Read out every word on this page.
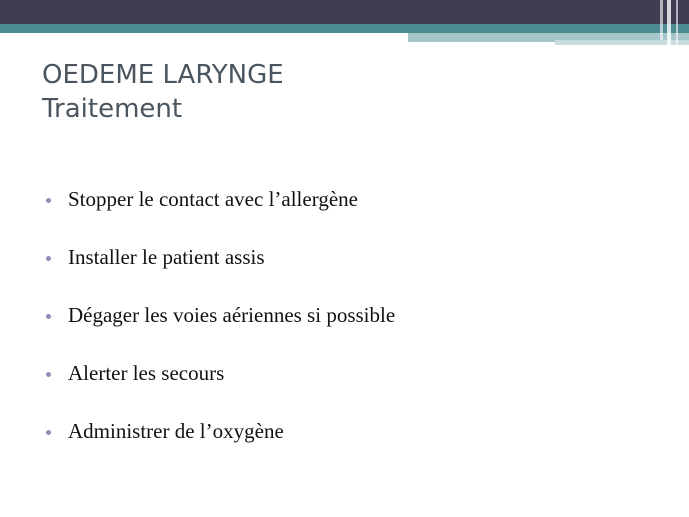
OEDEME LARYNGE
Traitement
Stopper le contact avec l’allergène
Installer le patient assis
Dégager les voies aériennes si possible
Alerter les secours
Administrer de l’oxygène
